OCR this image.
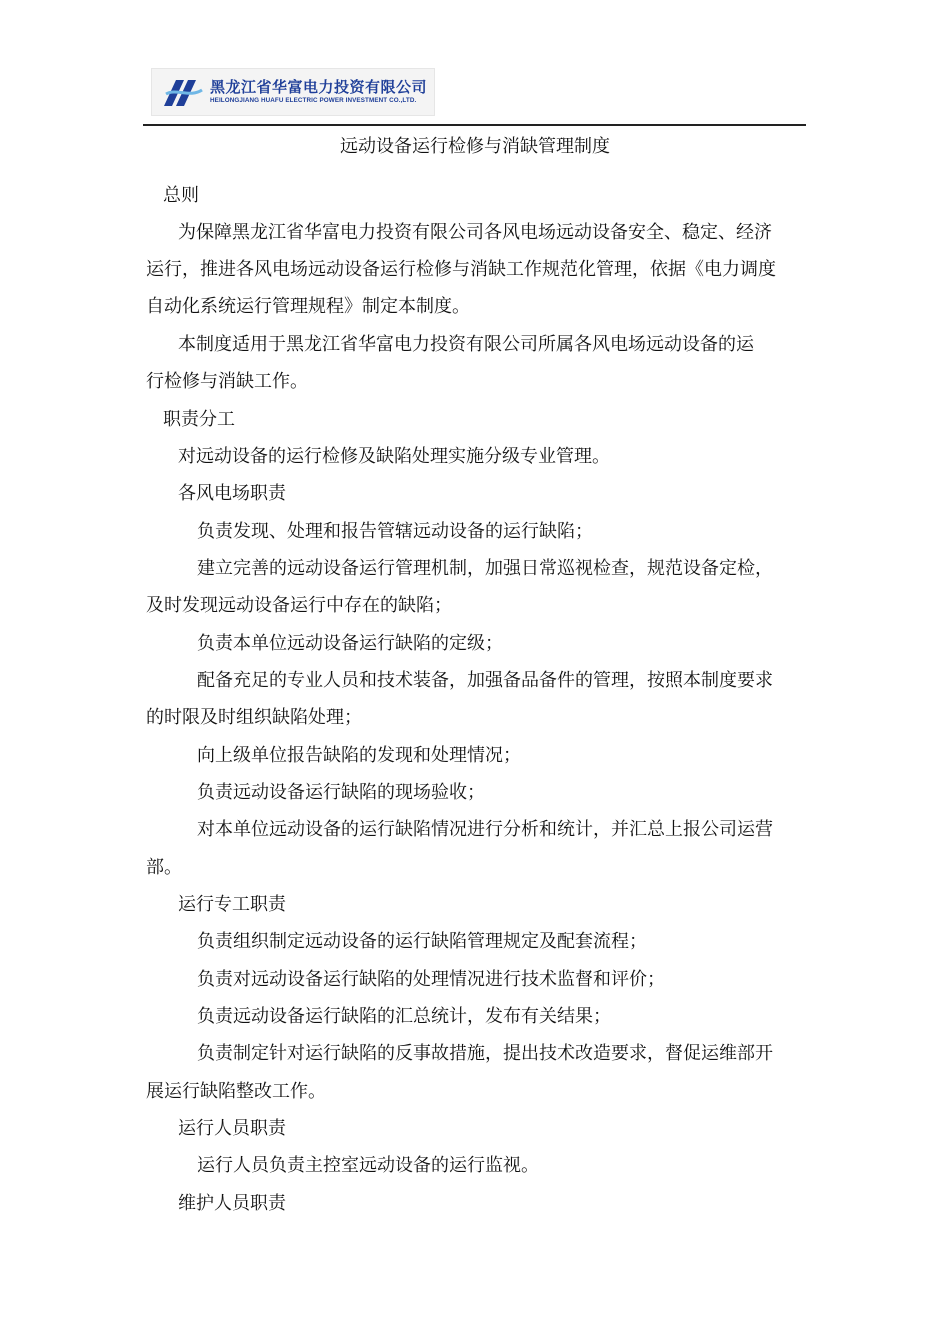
黑龙江省华富电力投资有限公司
HEILONGJIANG HUAFU ELECTRIC POWER INVESTMENT CO.,LTD.
远动设备运行检修与消缺管理制度
总则
为保障黑龙江省华富电力投资有限公司各风电场远动设备安全、稳定、经济
运行，推进各风电场远动设备运行检修与消缺工作规范化管理，依据《电力调度
自动化系统运行管理规程》制定本制度。
本制度适用于黑龙江省华富电力投资有限公司所属各风电场远动设备的运
行检修与消缺工作。
职责分工
对远动设备的运行检修及缺陷处理实施分级专业管理。
各风电场职责
负责发现、处理和报告管辖远动设备的运行缺陷；
建立完善的远动设备运行管理机制，加强日常巡视检查，规范设备定检，
及时发现远动设备运行中存在的缺陷；
负责本单位远动设备运行缺陷的定级；
配备充足的专业人员和技术装备，加强备品备件的管理，按照本制度要求
的时限及时组织缺陷处理；
向上级单位报告缺陷的发现和处理情况；
负责远动设备运行缺陷的现场验收；
对本单位远动设备的运行缺陷情况进行分析和统计，并汇总上报公司运营
部。
运行专工职责
负责组织制定远动设备的运行缺陷管理规定及配套流程；
负责对远动设备运行缺陷的处理情况进行技术监督和评价；
负责远动设备运行缺陷的汇总统计，发布有关结果；
负责制定针对运行缺陷的反事故措施，提出技术改造要求，督促运维部开
展运行缺陷整改工作。
运行人员职责
运行人员负责主控室远动设备的运行监视。
维护人员职责
